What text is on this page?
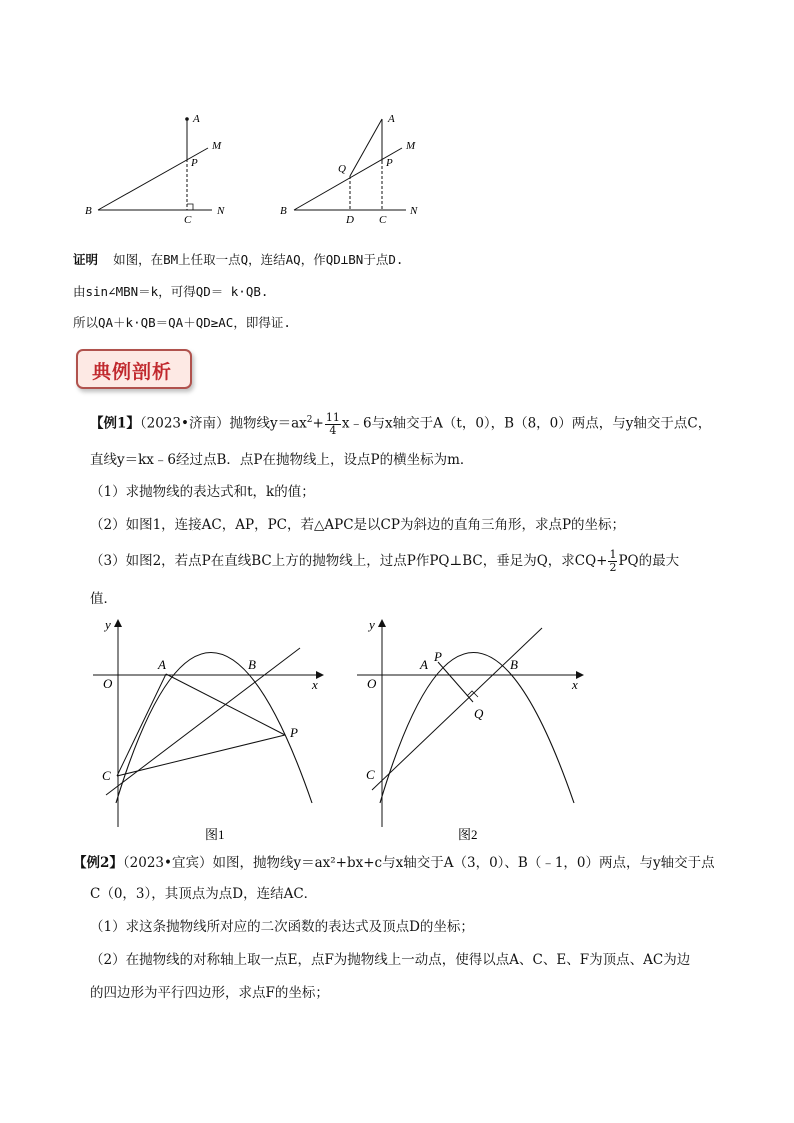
A
M
P
B
C
N
A
M
Q	P
B
D C
N
证明 如图，在BM上任取一点Q，连结AQ，作QD⊥BN于点D.
由sin∠MBN＝k，可得QD＝ k·QB.
所以QA＋k·QB＝QA＋QD≥AC，即得证.
典例剖析
【例1】（2023•济南）抛物线$y=ax^2+ \frac{11}{4}$ x﹣6与x轴交于A（t，0），B（8，0）两点，与y轴交于点C，
直线y＝kx﹣6经过点B．点P在抛物线上，设点P的横坐标为m．
（1）求抛物线的表达式和t，k的值；
（2）如图1，连接AC，AP，PC，若△APC是以CP为斜边的直角三角形，求点P的坐标；
（3）如图2，若点P在直线BC上方的抛物线上，过点P作PQ⊥BC，垂足为Q，求$CQ+ \frac{1}{2}$ PQ的最大
值．
y
x
O
A	B
C
P
图1
y
x
O
A
P
B
Q
C
图2
【例2】（2023•宜宾）如图，抛物线y＝ax²+bx+c与x轴交于A（3，0）、B（﹣1，0）两点，与y轴交于点
C（0，3），其顶点为点D，连结AC．
（1）求这条抛物线所对应的二次函数的表达式及顶点D的坐标；
（2）在抛物线的对称轴上取一点E，点F为抛物线上一动点，使得以点A、C、E、F为顶点、AC为边
的四边形为平行四边形，求点F的坐标；
